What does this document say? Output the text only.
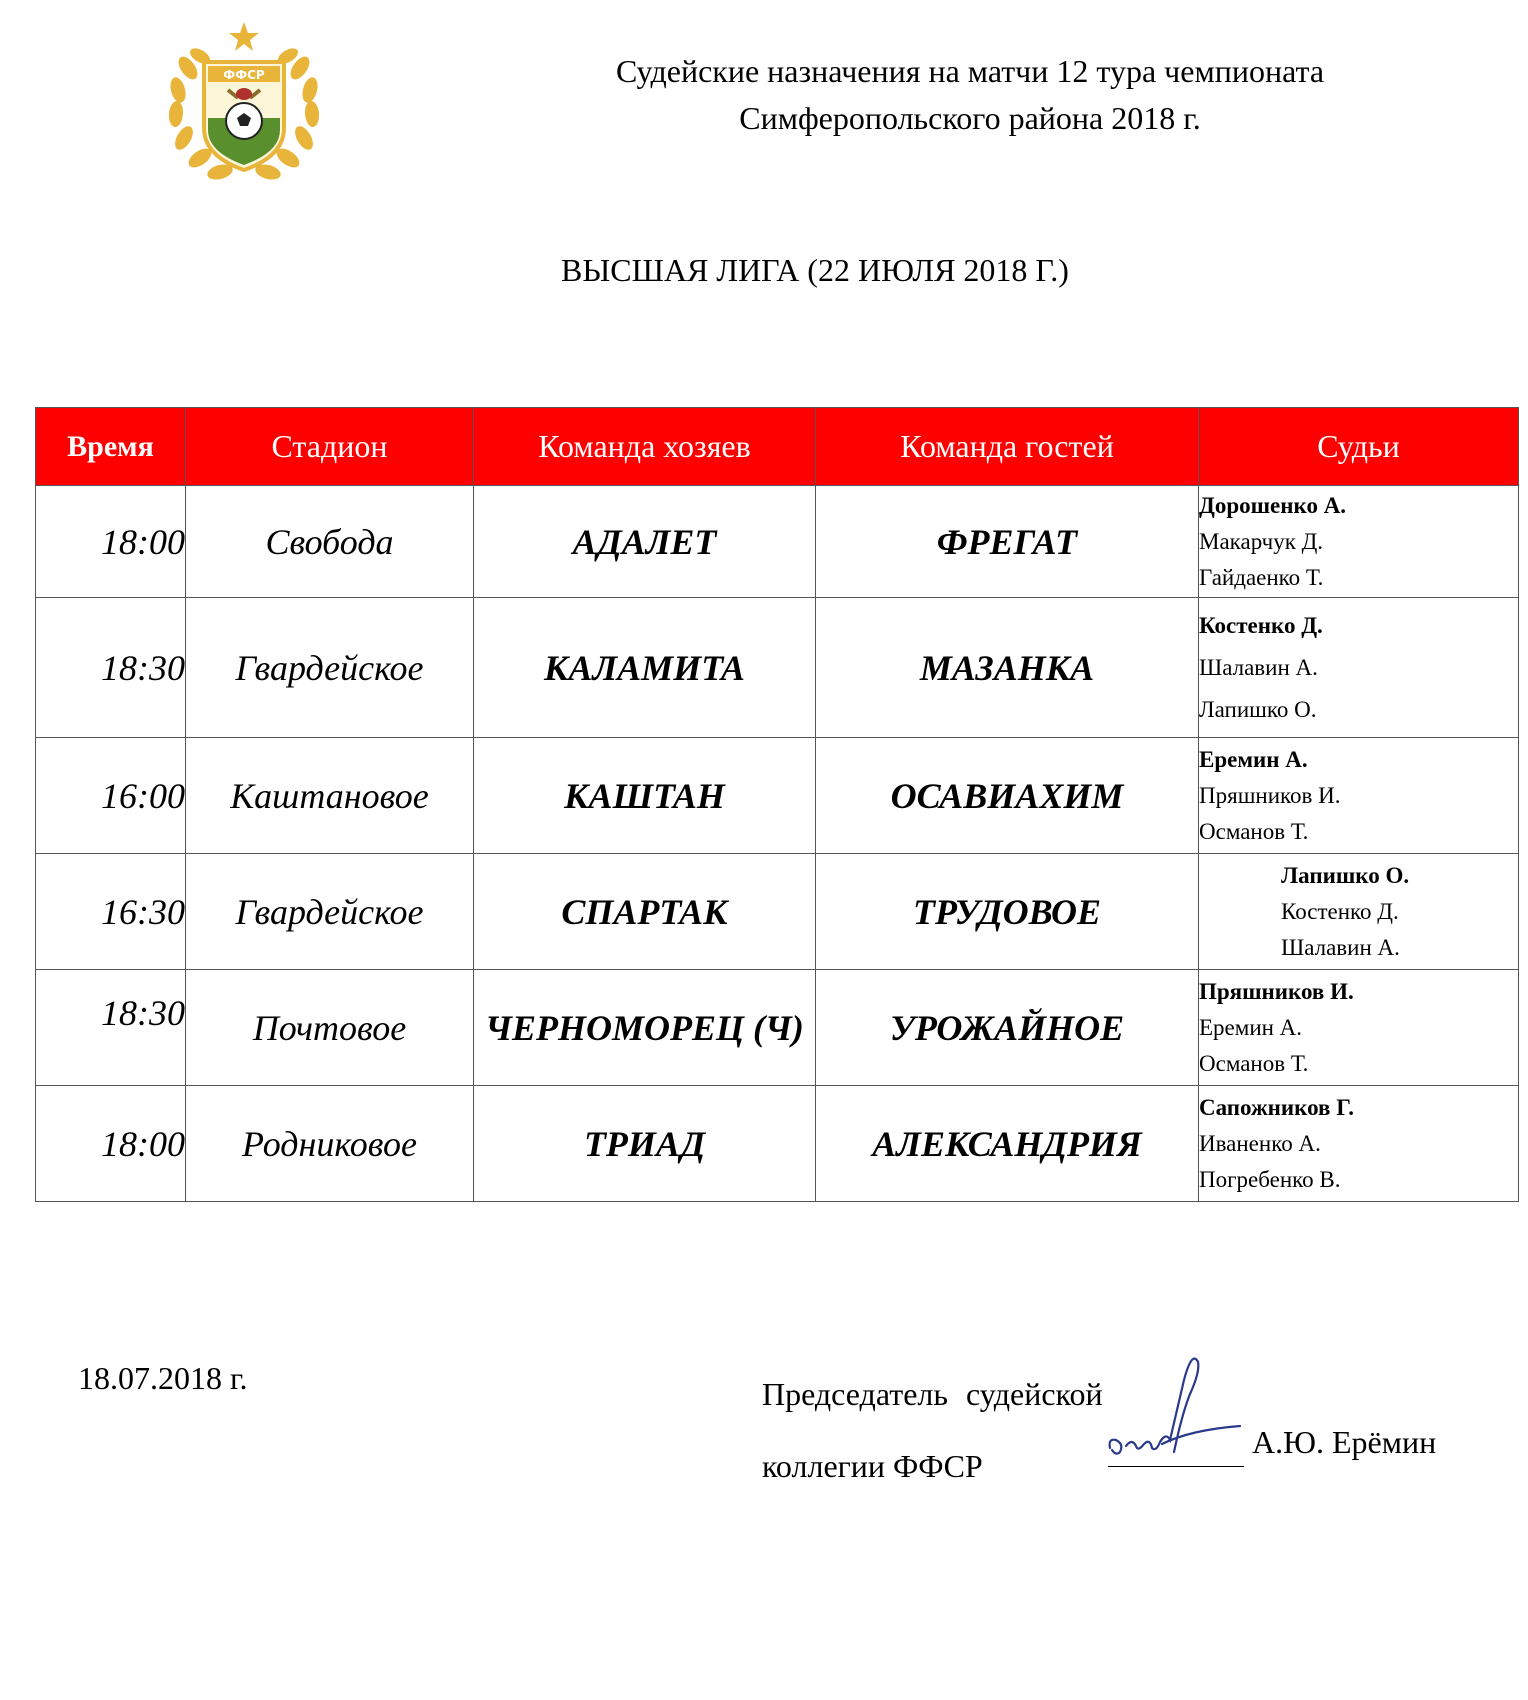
ФФСР	Судейские назначения на матчи 12 тура чемпионата
Симферопольского района 2018 г.
ВЫСШАЯ ЛИГА (22 ИЮЛЯ 2018 Г.)
Время	Стадион	Команда хозяев	Команда гостей	Судьи
18:00	Свобода	АДАЛЕТ	ФРЕГАТ	Дорошенко А.
Макарчук Д.
Гайдаенко Т.

18:30	Гвардейское	КАЛАМИТА	МАЗАНКА	Костенко Д.
Шалавин А.
Лапишко О.

16:00	Каштановое	КАШТАН	ОСАВИАХИМ	Еремин А.
Пряшников И.
Османов Т.

16:30	Гвардейское	СПАРТАК	ТРУДОВОЕ	Лапишко О.
Костенко Д.
Шалавин А.

18:30	Почтовое	ЧЕРНОМОРЕЦ (Ч)	УРОЖАЙНОЕ	Пряшников И.
Еремин А.
Османов Т.

18:00	Родниковое	ТРИАД	АЛЕКСАНДРИЯ	Сапожников Г.
Иваненко А.
Погребенко В.
18.07.2018 г.	Председатель судейской
коллегии ФФСР
А.Ю. Ерёмин
